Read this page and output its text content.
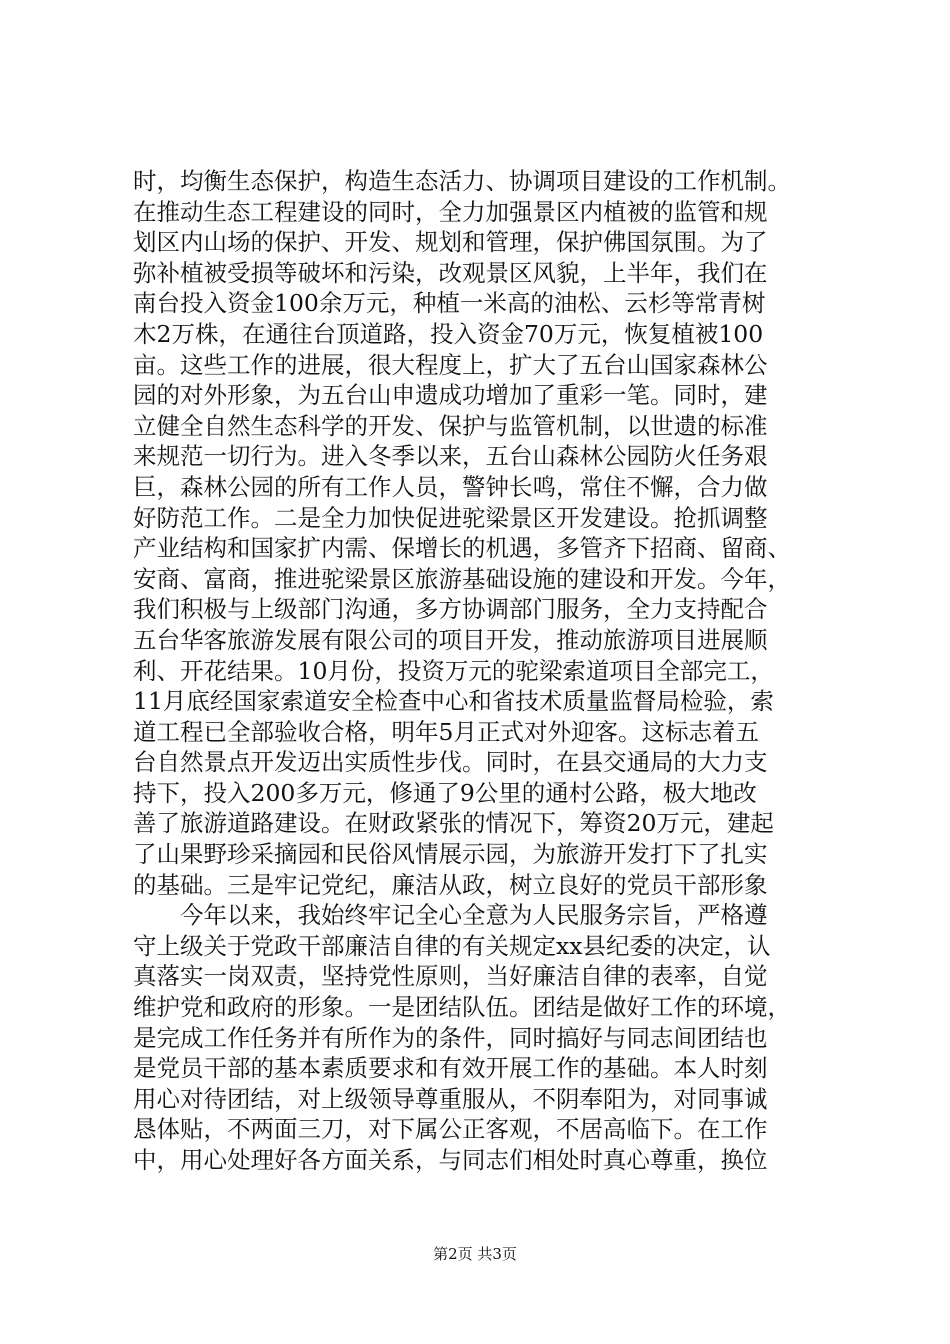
时，均衡生态保护，构造生态活力、协调项目建设的工作机制。
在推动生态工程建设的同时，全力加强景区内植被的监管和规
划区内山场的保护、开发、规划和管理，保护佛国氛围。为了
弥补植被受损等破坏和污染，改观景区风貌，上半年，我们在
南台投入资金100余万元，种植一米高的油松、云杉等常青树
木2万株，在通往台顶道路，投入资金70万元，恢复植被100
亩。这些工作的进展，很大程度上，扩大了五台山国家森林公
园的对外形象，为五台山申遗成功增加了重彩一笔。同时，建
立健全自然生态科学的开发、保护与监管机制，以世遗的标准
来规范一切行为。进入冬季以来，五台山森林公园防火任务艰
巨，森林公园的所有工作人员，警钟长鸣，常住不懈，合力做
好防范工作。二是全力加快促进驼梁景区开发建设。抢抓调整
产业结构和国家扩内需、保增长的机遇，多管齐下招商、留商、
安商、富商，推进驼梁景区旅游基础设施的建设和开发。今年，
我们积极与上级部门沟通，多方协调部门服务，全力支持配合
五台华客旅游发展有限公司的项目开发，推动旅游项目进展顺
利、开花结果。10月份，投资万元的驼梁索道项目全部完工，
11月底经国家索道安全检查中心和省技术质量监督局检验，索
道工程已全部验收合格，明年5月正式对外迎客。这标志着五
台自然景点开发迈出实质性步伐。同时，在县交通局的大力支
持下，投入200多万元，修通了9公里的通村公路，极大地改
善了旅游道路建设。在财政紧张的情况下，筹资20万元，建起
了山果野珍采摘园和民俗风情展示园，为旅游开发打下了扎实
的基础。三是牢记党纪，廉洁从政，树立良好的党员干部形象
　　今年以来，我始终牢记全心全意为人民服务宗旨，严格遵
守上级关于党政干部廉洁自律的有关规定xx县纪委的决定，认
真落实一岗双责，坚持党性原则，当好廉洁自律的表率，自觉
维护党和政府的形象。一是团结队伍。团结是做好工作的环境，
是完成工作任务并有所作为的条件，同时搞好与同志间团结也
是党员干部的基本素质要求和有效开展工作的基础。本人时刻
用心对待团结，对上级领导尊重服从，不阴奉阳为，对同事诚
恳体贴，不两面三刀，对下属公正客观，不居高临下。在工作
中，用心处理好各方面关系，与同志们相处时真心尊重，换位
第2页 共3页
